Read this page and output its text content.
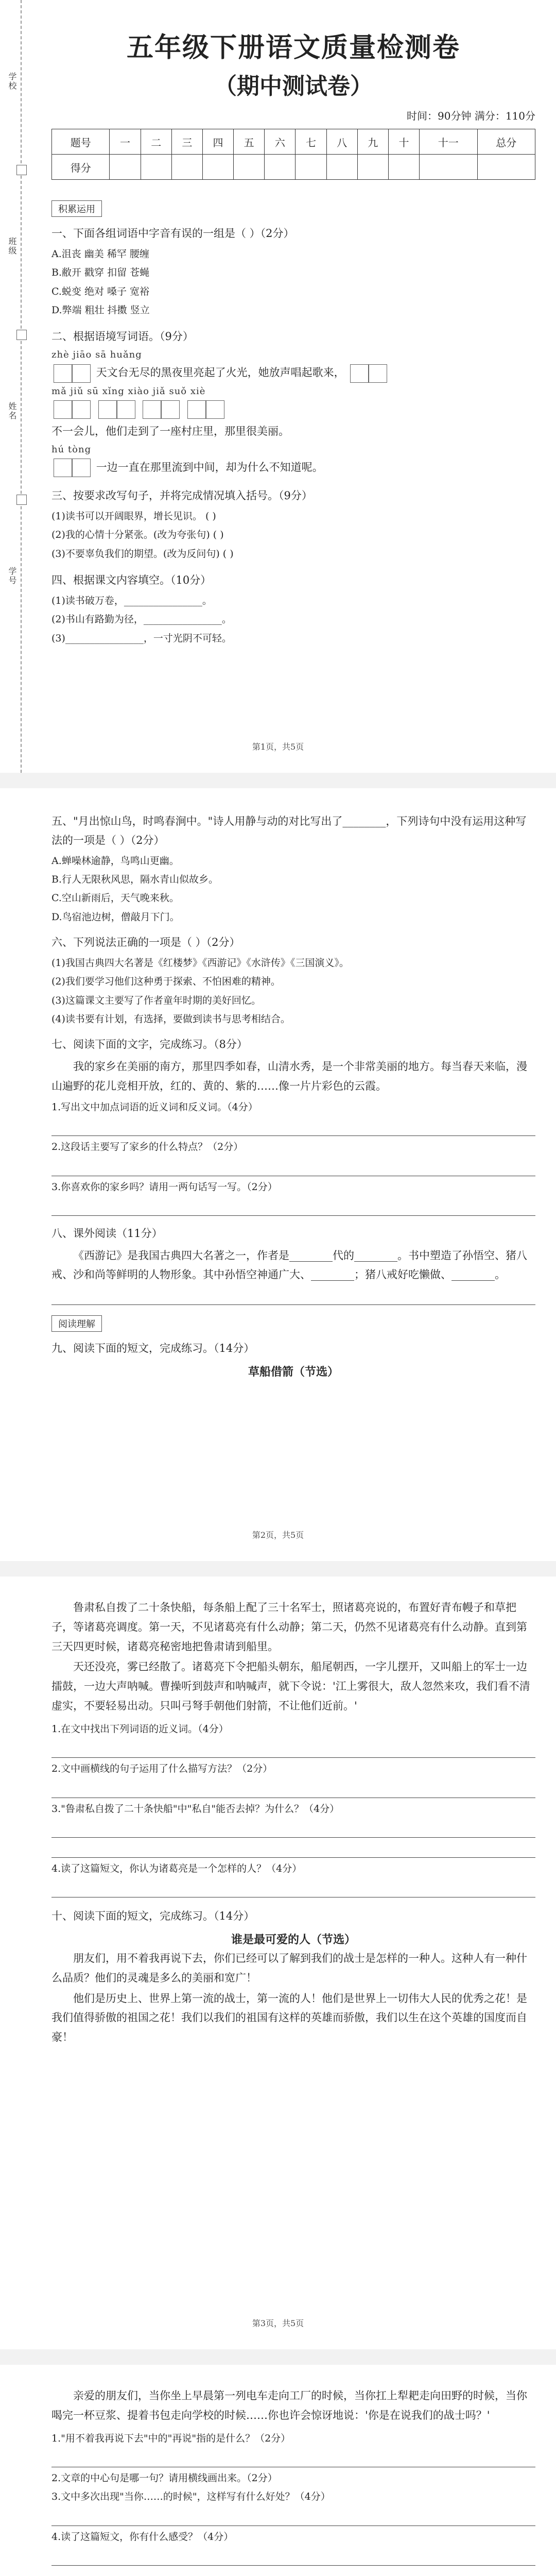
学校
班级
姓名
学号
五年级下册语文质量检测卷
（期中测试卷）
时间：90分钟 满分：110分
题号	一	二	三	四	五	六	七	八	九	十	十一	总分
得分												
积累运用
一、下面各组词语中字音有误的一组是（ ）（2分）
A.沮丧 幽美 稀罕 腰缠
B.敝开 戳穿 扣留 苍蝇
C.蜕变 绝对 嗓子 宽裕
D.弊端 粗壮 抖擞 竖立
二、根据语境写词语。（9分）
zhè jiāo sā huǎng
天文台无尽的黑夜里亮起了火光，她放声唱起歌来，
mǎ jiǔ sū xǐng xiào jiǎ suǒ xiè

不一会儿，他们走到了一座村庄里，那里很美丽。
hú tòng
一边一直在那里流到中间，却为什么不知道呢。
三、按要求改写句子，并将完成情况填入括号。（9分）
(1)读书可以开阔眼界，增长见识。 ( )
(2)我的心情十分紧张。(改为夸张句) ( )
(3)不要辜负我们的期望。(改为反问句) ( )
四、根据课文内容填空。（10分）
(1)读书破万卷，________________。
(2)书山有路勤为径，________________。
(3)________________，一寸光阴不可轻。
第1页，共5页
五、"月出惊山鸟，时鸣春涧中。"诗人用静与动的对比写出了________，下列诗句中没有运用这种写法的一项是（ ）（2分）
A.蝉噪林逾静，鸟鸣山更幽。
B.行人无限秋风思，隔水青山似故乡。
C.空山新雨后，天气晚来秋。
D.鸟宿池边树，僧敲月下门。
六、下列说法正确的一项是（ ）（2分）
(1)我国古典四大名著是《红楼梦》《西游记》《水浒传》《三国演义》。
(2)我们要学习他们这种勇于探索、不怕困难的精神。
(3)这篇课文主要写了作者童年时期的美好回忆。
(4)读书要有计划，有选择，要做到读书与思考相结合。
七、阅读下面的文字，完成练习。（8分）
我的家乡在美丽的南方，那里四季如春，山清水秀，是一个非常美丽的地方。每当春天来临，漫山遍野的花儿竞相开放，红的、黄的、紫的……像一片片彩色的云霞。
1.写出文中加点词语的近义词和反义词。（4分）
2.这段话主要写了家乡的什么特点？（2分）
3.你喜欢你的家乡吗？请用一两句话写一写。（2分）
八、课外阅读（11分）
《西游记》是我国古典四大名著之一，作者是________代的________。书中塑造了孙悟空、猪八戒、沙和尚等鲜明的人物形象。其中孙悟空神通广大、________；猪八戒好吃懒做、________。
阅读理解
九、阅读下面的短文，完成练习。（14分）
草船借箭（节选）
第2页，共5页
鲁肃私自拨了二十条快船，每条船上配了三十名军士，照诸葛亮说的，布置好青布幔子和草把子，等诸葛亮调度。第一天，不见诸葛亮有什么动静；第二天，仍然不见诸葛亮有什么动静。直到第三天四更时候，诸葛亮秘密地把鲁肃请到船里。
天还没亮，雾已经散了。诸葛亮下令把船头朝东，船尾朝西，一字儿摆开，又叫船上的军士一边擂鼓，一边大声呐喊。曹操听到鼓声和呐喊声，就下令说：'江上雾很大，敌人忽然来攻，我们看不清虚实，不要轻易出动。只叫弓弩手朝他们射箭，不让他们近前。'
1.在文中找出下列词语的近义词。（4分）
2.文中画横线的句子运用了什么描写方法？（2分）
3."鲁肃私自拨了二十条快船"中"私自"能否去掉？为什么？（4分）
4.读了这篇短文，你认为诸葛亮是一个怎样的人？（4分）
十、阅读下面的短文，完成练习。（14分）
谁是最可爱的人（节选）
朋友们，用不着我再说下去，你们已经可以了解到我们的战士是怎样的一种人。这种人有一种什么品质？他们的灵魂是多么的美丽和宽广！
他们是历史上、世界上第一流的战士，第一流的人！他们是世界上一切伟大人民的优秀之花！是我们值得骄傲的祖国之花！我们以我们的祖国有这样的英雄而骄傲，我们以生在这个英雄的国度而自豪！
第3页，共5页
亲爱的朋友们，当你坐上早晨第一列电车走向工厂的时候，当你扛上犁耙走向田野的时候，当你喝完一杯豆浆、提着书包走向学校的时候……你也许会惊讶地说：'你是在说我们的战士吗？'
1."用不着我再说下去"中的"再说"指的是什么？（2分）
2.文章的中心句是哪一句？请用横线画出来。（2分）
3.文中多次出现"当你……的时候"，这样写有什么好处？（4分）
4.读了这篇短文，你有什么感受？（4分）
